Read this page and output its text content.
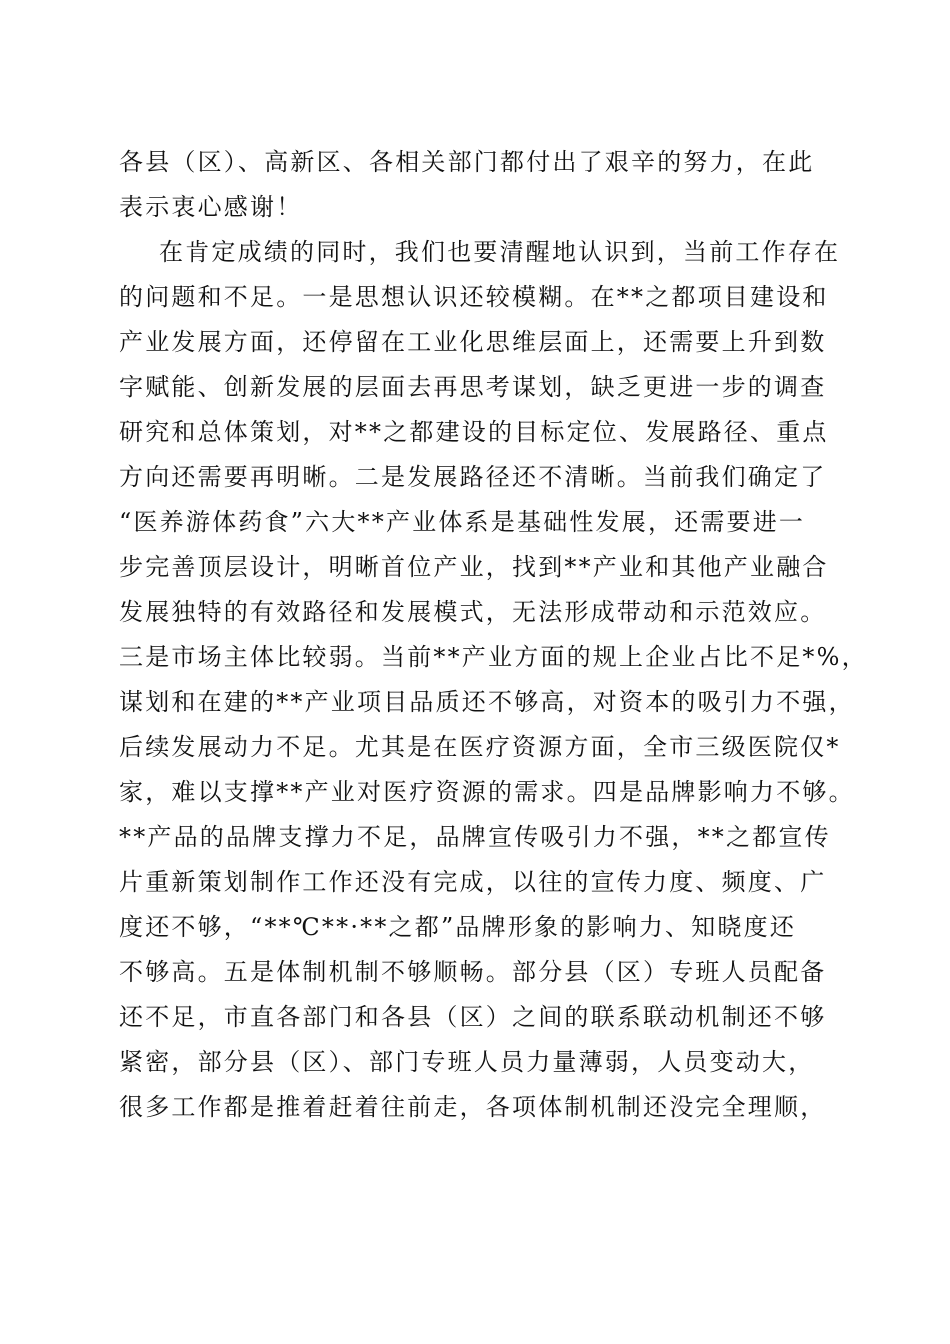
各县（区）、高新区、各相关部门都付出了艰辛的努力，在此
表示衷心感谢！
在肯定成绩的同时，我们也要清醒地认识到，当前工作存在
的问题和不足。一是思想认识还较模糊。在**之都项目建设和
产业发展方面，还停留在工业化思维层面上，还需要上升到数
字赋能、创新发展的层面去再思考谋划，缺乏更进一步的调查
研究和总体策划，对**之都建设的目标定位、发展路径、重点
方向还需要再明晰。二是发展路径还不清晰。当前我们确定了
“医养游体药食”六大**产业体系是基础性发展，还需要进一
步完善顶层设计，明晰首位产业，找到**产业和其他产业融合
发展独特的有效路径和发展模式，无法形成带动和示范效应。
三是市场主体比较弱。当前**产业方面的规上企业占比不足*%，
谋划和在建的**产业项目品质还不够高，对资本的吸引力不强，
后续发展动力不足。尤其是在医疗资源方面，全市三级医院仅*
家，难以支撑**产业对医疗资源的需求。四是品牌影响力不够。
**产品的品牌支撑力不足，品牌宣传吸引力不强，**之都宣传
片重新策划制作工作还没有完成，以往的宣传力度、频度、广
度还不够，“**℃**·**之都”品牌形象的影响力、知晓度还
不够高。五是体制机制不够顺畅。部分县（区）专班人员配备
还不足，市直各部门和各县（区）之间的联系联动机制还不够
紧密，部分县（区）、部门专班人员力量薄弱，人员变动大，
很多工作都是推着赶着往前走，各项体制机制还没完全理顺，
